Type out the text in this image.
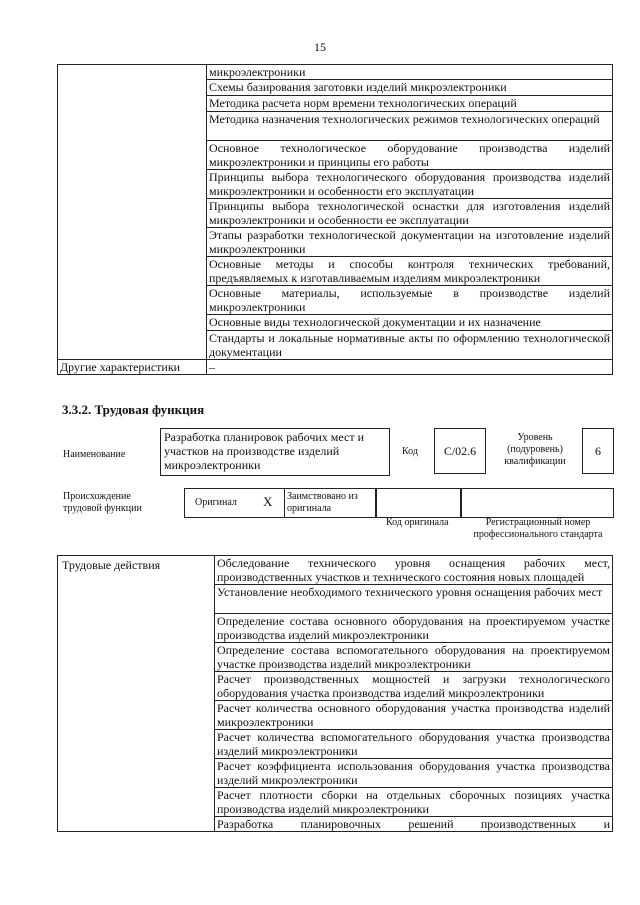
15
	микроэлектроники
	Схемы базирования заготовки изделий микроэлектроники
	Методика расчета норм времени технологических операций
	Методика назначения технологических режимов технологических операций
	Основное технологическое оборудование производства изделий микроэлектроники и принципы его работы
	Принципы выбора технологического оборудования производства изделий микроэлектроники и особенности его эксплуатации
	Принципы выбора технологической оснастки для изготовления изделий микроэлектроники и особенности ее эксплуатации
	Этапы разработки технологической документации на изготовление изделий микроэлектроники
	Основные методы и способы контроля технических требований, предъявляемых к изготавливаемым изделиям микроэлектроники
	Основные материалы, используемые в производстве изделий микроэлектроники
	Основные виды технологической документации и их назначение
	Стандарты и локальные нормативные акты по оформлению технологической документации
Другие характеристики	–
3.3.2. Трудовая функция
Наименование
Разработка планировок рабочих мест и участков на производстве изделий микроэлектроники
Код	С/02.6
Уровень (подуровень) квалификации
6
Происхождение трудовой функции
Оригинал Х Заимствовано из оригинала
Код оригинала	Регистрационный номер профессионального стандарта
Трудовые действия	Обследование технического уровня оснащения рабочих мест, производственных участков и технического состояния новых площадей
Установление необходимого технического уровня оснащения рабочих мест
Определение состава основного оборудования на проектируемом участке производства изделий микроэлектроники
Определение состава вспомогательного оборудования на проектируемом участке производства изделий микроэлектроники
Расчет производственных мощностей и загрузки технологического оборудования участка производства изделий микроэлектроники
Расчет количества основного оборудования участка производства изделий микроэлектроники
Расчет количества вспомогательного оборудования участка производства изделий микроэлектроники
Расчет коэффициента использования оборудования участка производства изделий микроэлектроники
Расчет плотности сборки на отдельных сборочных позициях участка производства изделий микроэлектроники
Разработка планировочных решений производственных и
